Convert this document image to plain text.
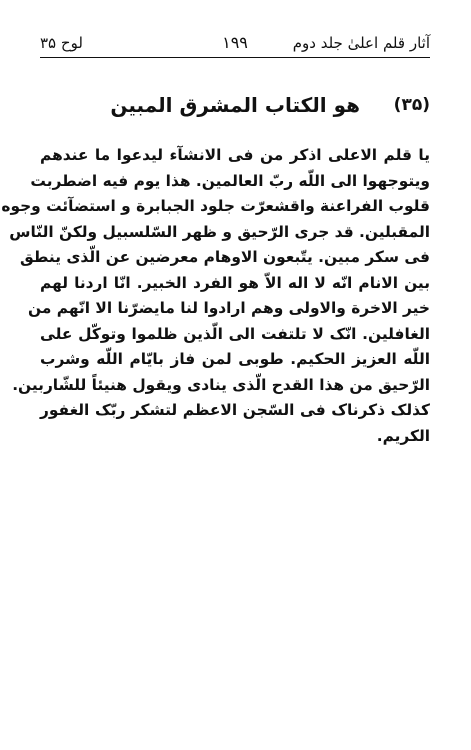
آثار قلم اعلیٰ جلد دوم
۱۹۹
لوح ۳۵
(۳۵)
هو الکتاب المشرق المبین
یا قلم الاعلی اذکر من فی الانشآء لیدعوا ما عندهم
ویتوجهوا الی اللّه ربّ العالمین. هذا یوم فیه اضطربت
قلوب الفراعنة واقشعرّت جلود الجبابرة و استضآئت وجوه
المقبلین. قد جری الرّحیق و ظهر السّلسبیل ولکنّ النّاس
فی سکر مبین. یتّبعون الاوهام معرضین عن الّذی ینطق
بین الانام انّه لا اله الاّ هو الفرد الخبیر. انّا اردنا لهم
خیر الاخرة والاولی وهم ارادوا لنا مایضرّنا الا انّهم من
الغافلین. انّک لا تلتفت الی الّذین ظلموا وتوکّل علی
اللّه العزیز الحکیم. طوبی لمن فاز بایّام اللّه وشرب
الرّحیق من هذا القدح الّذی ینادی ویقول هنیئاً للشّاربین.
کذلک ذکرناک فی السّجن الاعظم لتشکر ربّک الغفور
الکریم.
